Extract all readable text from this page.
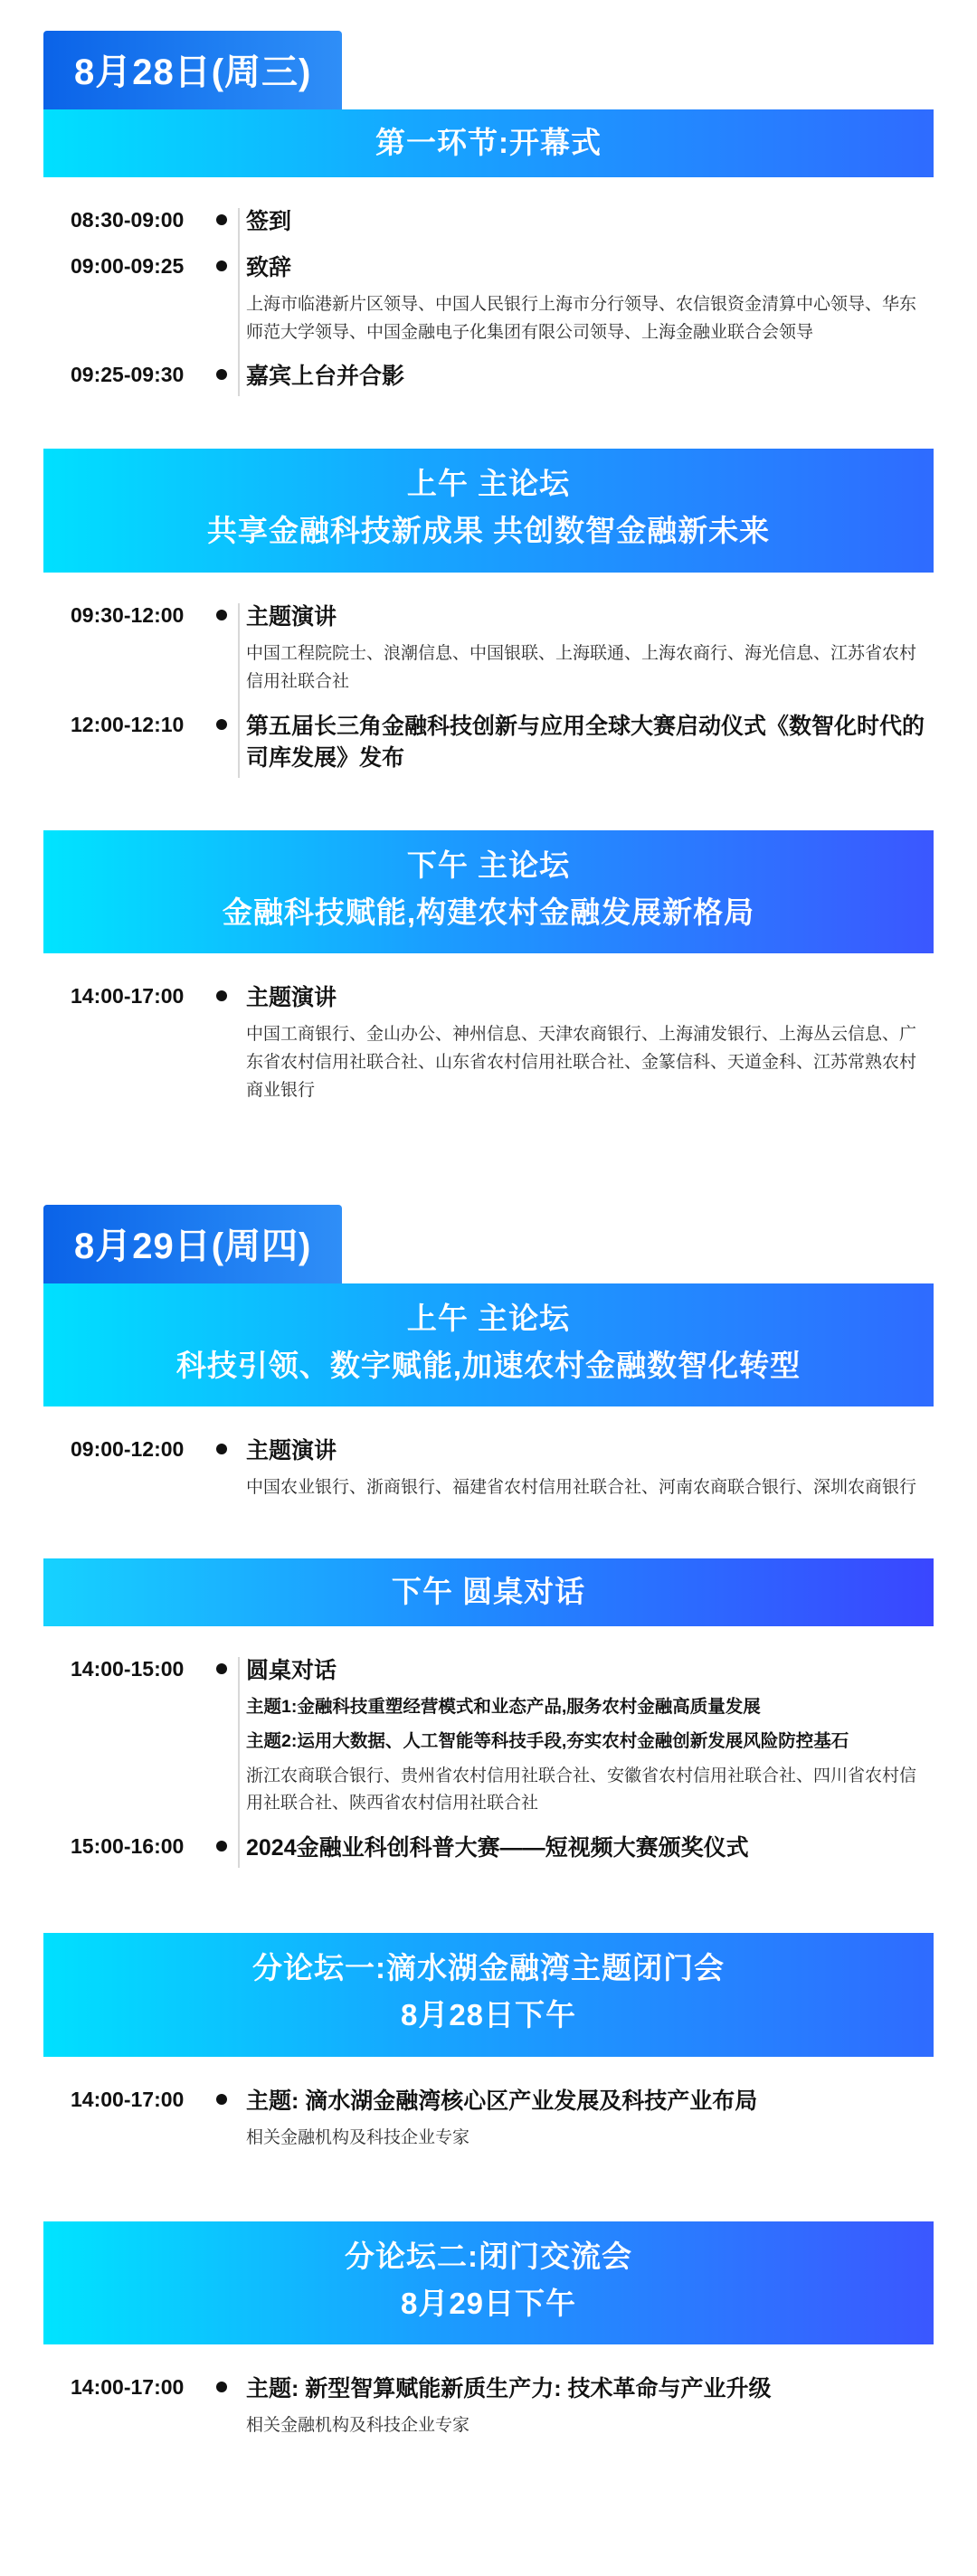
8月28日(周三)
第一环节:开幕式
08:30-09:00	签到
09:00-09:25	致辞
上海市临港新片区领导、中国人民银行上海市分行领导、农信银资金清算中心领导、华东师范大学领导、中国金融电子化集团有限公司领导、上海金融业联合会领导
09:25-09:30	嘉宾上台并合影
上午 主论坛
共享金融科技新成果 共创数智金融新未来
09:30-12:00	主题演讲
中国工程院院士、浪潮信息、中国银联、上海联通、上海农商行、海光信息、江苏省农村信用社联合社
12:00-12:10	第五届长三角金融科技创新与应用全球大赛启动仪式《数智化时代的司库发展》发布
下午 主论坛
金融科技赋能,构建农村金融发展新格局
14:00-17:00	主题演讲
中国工商银行、金山办公、神州信息、天津农商银行、上海浦发银行、上海丛云信息、广东省农村信用社联合社、山东省农村信用社联合社、金篆信科、天道金科、江苏常熟农村商业银行
8月29日(周四)
上午 主论坛
科技引领、数字赋能,加速农村金融数智化转型
09:00-12:00	主题演讲
中国农业银行、浙商银行、福建省农村信用社联合社、河南农商联合银行、深圳农商银行
下午 圆桌对话
14:00-15:00	圆桌对话
主题1:金融科技重塑经营模式和业态产品,服务农村金融高质量发展
主题2:运用大数据、人工智能等科技手段,夯实农村金融创新发展风险防控基石
浙江农商联合银行、贵州省农村信用社联合社、安徽省农村信用社联合社、四川省农村信用社联合社、陕西省农村信用社联合社
15:00-16:00	2024金融业科创科普大赛——短视频大赛颁奖仪式
分论坛一:滴水湖金融湾主题闭门会
8月28日下午
14:00-17:00	主题: 滴水湖金融湾核心区产业发展及科技产业布局
相关金融机构及科技企业专家
分论坛二:闭门交流会
8月29日下午
14:00-17:00	主题: 新型智算赋能新质生产力: 技术革命与产业升级
相关金融机构及科技企业专家
